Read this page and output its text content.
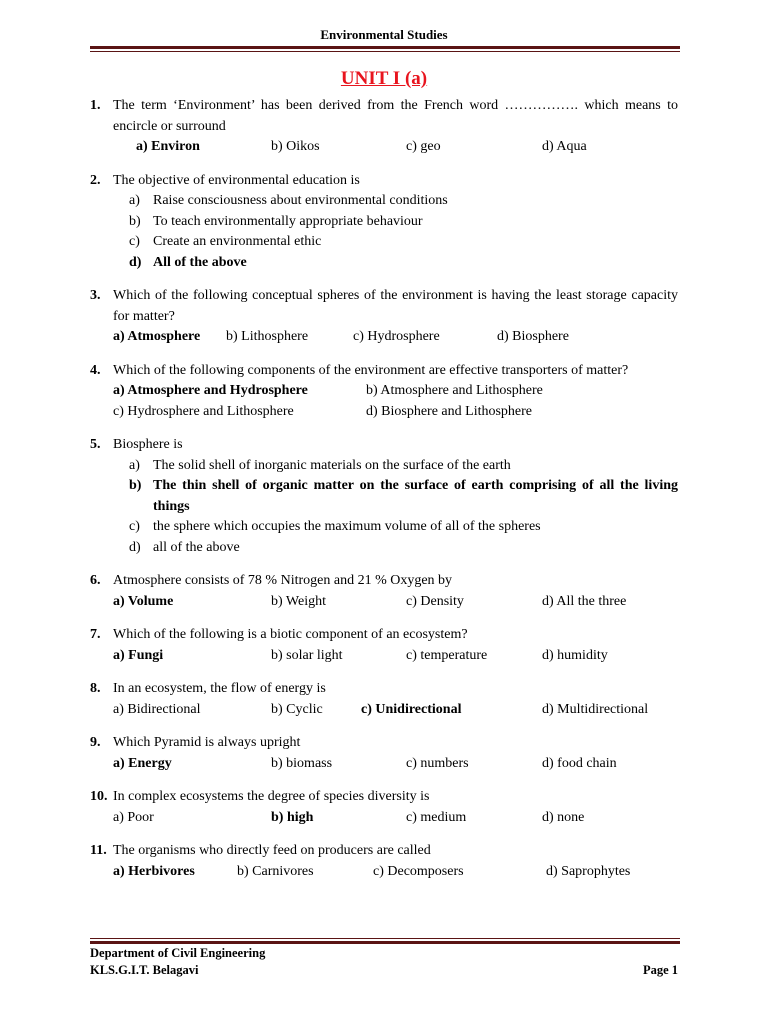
Environmental Studies
UNIT I (a)
1. The term ‘Environment’ has been derived from the French word ……………. which means to encircle or surround
a) Environ	b) Oikos	c) geo	d) Aqua
2. The objective of environmental education is
a) Raise consciousness about environmental conditions
b) To teach environmentally appropriate behaviour
c) Create an environmental ethic
d) All of the above
3. Which of the following conceptual spheres of the environment is having the least storage capacity for matter?
a) Atmosphere b) Lithosphere	c) Hydrosphere	d) Biosphere
4. Which of the following components of the environment are effective transporters of matter?
a) Atmosphere and Hydrosphere	b) Atmosphere and Lithosphere
c) Hydrosphere and Lithosphere	d) Biosphere and Lithosphere
5. Biosphere is
a) The solid shell of inorganic materials on the surface of the earth
b) The thin shell of organic matter on the surface of earth comprising of all the living things
c) the sphere which occupies the maximum volume of all of the spheres
d) all of the above
6. Atmosphere consists of 78 % Nitrogen and 21 % Oxygen by
a) Volume	b) Weight	c) Density	d) All the three
7. Which of the following is a biotic component of an ecosystem?
a) Fungi	b) solar light	c) temperature	d) humidity
8. In an ecosystem, the flow of energy is
a) Bidirectional	b) Cyclic	c) Unidirectional	d) Multidirectional
9. Which Pyramid is always upright
a) Energy	b) biomass	c) numbers	d) food chain
10. In complex ecosystems the degree of species diversity is
a) Poor	b) high	c) medium	d) none
11. The organisms who directly feed on producers are called
a) Herbivores	b) Carnivores	c) Decomposers	d) Saprophytes
Department of Civil Engineering
KLS.G.I.T. Belagavi	Page 1
